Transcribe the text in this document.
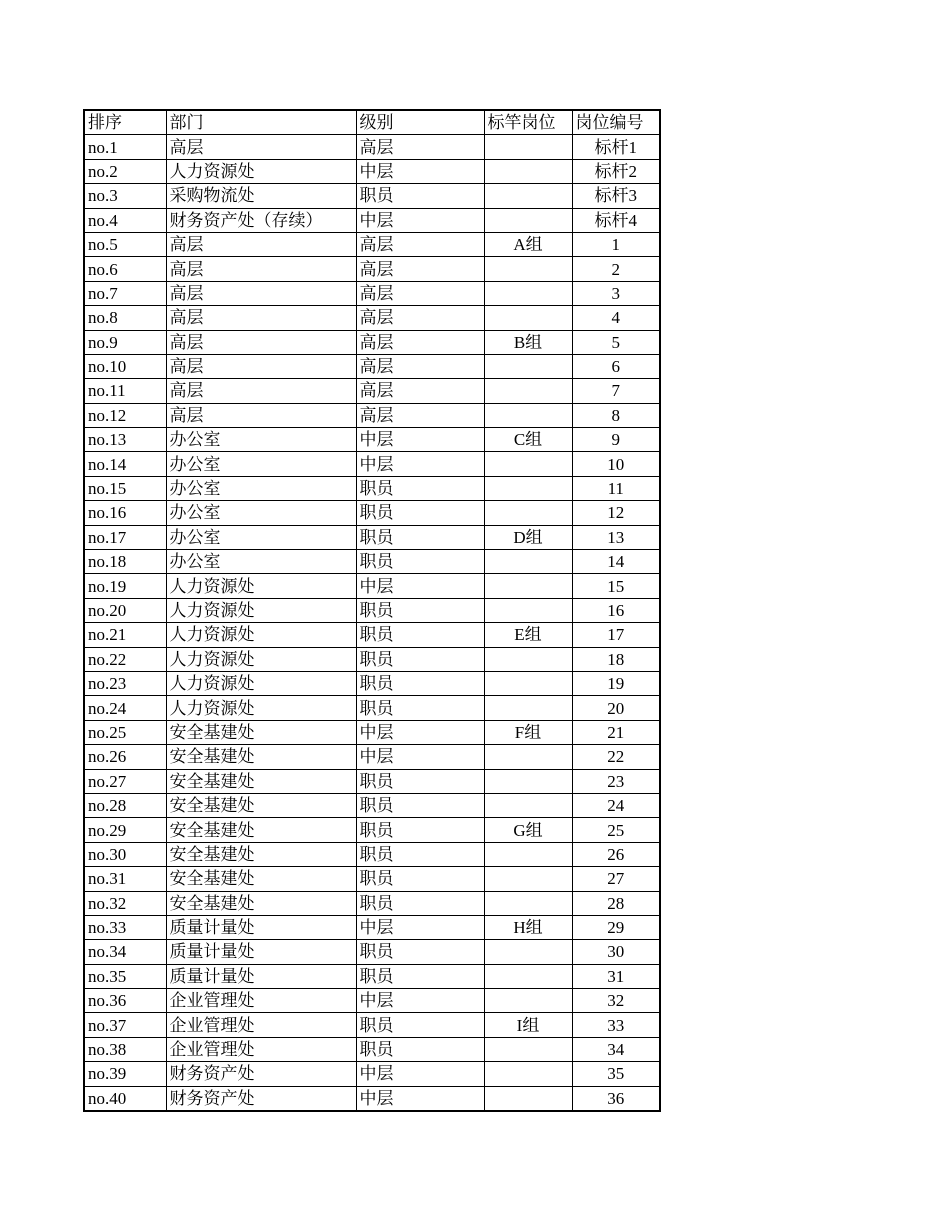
排序	部门	级别	标竿岗位	岗位编号
no.1	高层	高层		标杆1
no.2	人力资源处	中层		标杆2
no.3	采购物流处	职员		标杆3
no.4	财务资产处（存续）	中层		标杆4
no.5	高层	高层	A组	1
no.6	高层	高层		2
no.7	高层	高层		3
no.8	高层	高层		4
no.9	高层	高层	B组	5
no.10	高层	高层		6
no.11	高层	高层		7
no.12	高层	高层		8
no.13	办公室	中层	C组	9
no.14	办公室	中层		10
no.15	办公室	职员		11
no.16	办公室	职员		12
no.17	办公室	职员	D组	13
no.18	办公室	职员		14
no.19	人力资源处	中层		15
no.20	人力资源处	职员		16
no.21	人力资源处	职员	E组	17
no.22	人力资源处	职员		18
no.23	人力资源处	职员		19
no.24	人力资源处	职员		20
no.25	安全基建处	中层	F组	21
no.26	安全基建处	中层		22
no.27	安全基建处	职员		23
no.28	安全基建处	职员		24
no.29	安全基建处	职员	G组	25
no.30	安全基建处	职员		26
no.31	安全基建处	职员		27
no.32	安全基建处	职员		28
no.33	质量计量处	中层	H组	29
no.34	质量计量处	职员		30
no.35	质量计量处	职员		31
no.36	企业管理处	中层		32
no.37	企业管理处	职员	I组	33
no.38	企业管理处	职员		34
no.39	财务资产处	中层		35
no.40	财务资产处	中层		36
